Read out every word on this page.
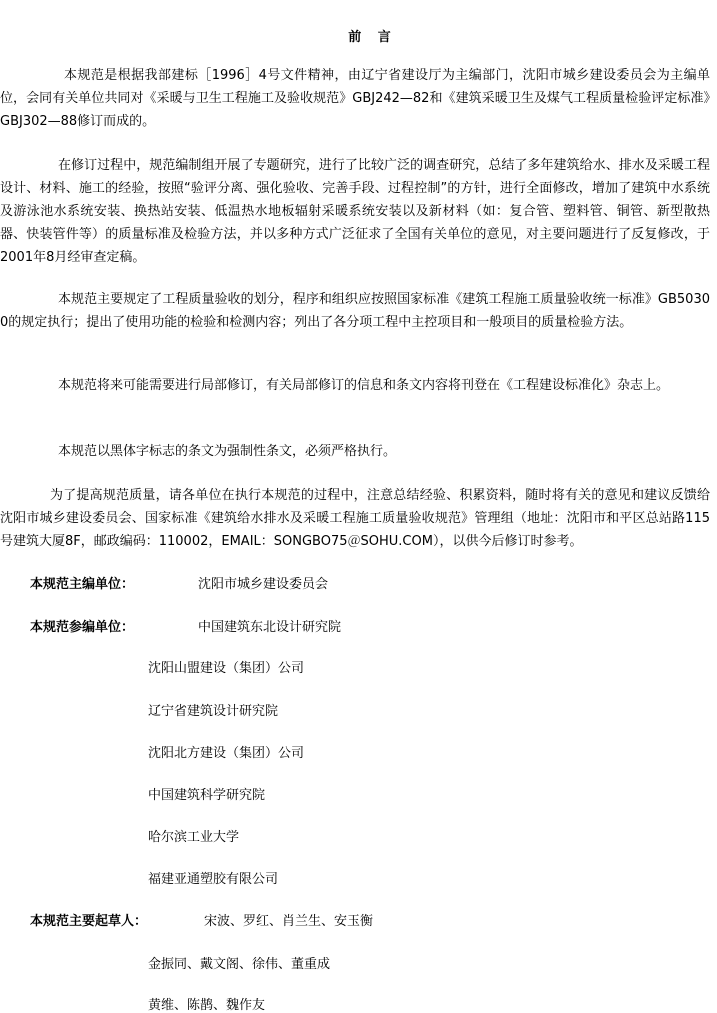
前 言

本规范是根据我部建标［1996］4号文件精神，由辽宁省建设厅为主编部门，沈阳市城乡建设委员会为主编单位，会同有关单位共同对《采暖与卫生工程施工及验收规范》GBJ242—82和《建筑采暖卫生及煤气工程质量检验评定标准》GBJ302—88修订而成的。

在修订过程中，规范编制组开展了专题研究，进行了比较广泛的调查研究，总结了多年建筑给水、排水及采暖工程设计、材料、施工的经验，按照“验评分离、强化验收、完善手段、过程控制”的方针，进行全面修改，增加了建筑中水系统及游泳池水系统安装、换热站安装、低温热水地板辐射采暖系统安装以及新材料（如：复合管、塑料管、铜管、新型散热器、快装管件等）的质量标准及检验方法，并以多种方式广泛征求了全国有关单位的意见，对主要问题进行了反复修改，于2001年8月经审查定稿。

本规范主要规定了工程质量验收的划分，程序和组织应按照国家标准《建筑工程施工质量验收统一标准》GB50300的规定执行；提出了使用功能的检验和检测内容；列出了各分项工程中主控项目和一般项目的质量检验方法。

本规范将来可能需要进行局部修订，有关局部修订的信息和条文内容将刊登在《工程建设标准化》杂志上。

本规范以黑体字标志的条文为强制性条文，必须严格执行。

为了提高规范质量，请各单位在执行本规范的过程中，注意总结经验、积累资料，随时将有关的意见和建议反馈给沈阳市城乡建设委员会、国家标准《建筑给水排水及采暖工程施工质量验收规范》管理组（地址：沈阳市和平区总站路115号建筑大厦8F，邮政编码：110002，EMAIL：SONGBO75＠SOHU.COM），以供今后修订时参考。

本规范主编单位：	沈阳市城乡建设委员会
本规范参编单位：	中国建筑东北设计研究院
沈阳山盟建设（集团）公司
辽宁省建筑设计研究院
沈阳北方建设（集团）公司
中国建筑科学研究院
哈尔滨工业大学
福建亚通塑胶有限公司
本规范主要起草人：	宋波、罗红、肖兰生、安玉衡
金振同、戴文阁、徐伟、董重成
黄维、陈鹊、魏作友
